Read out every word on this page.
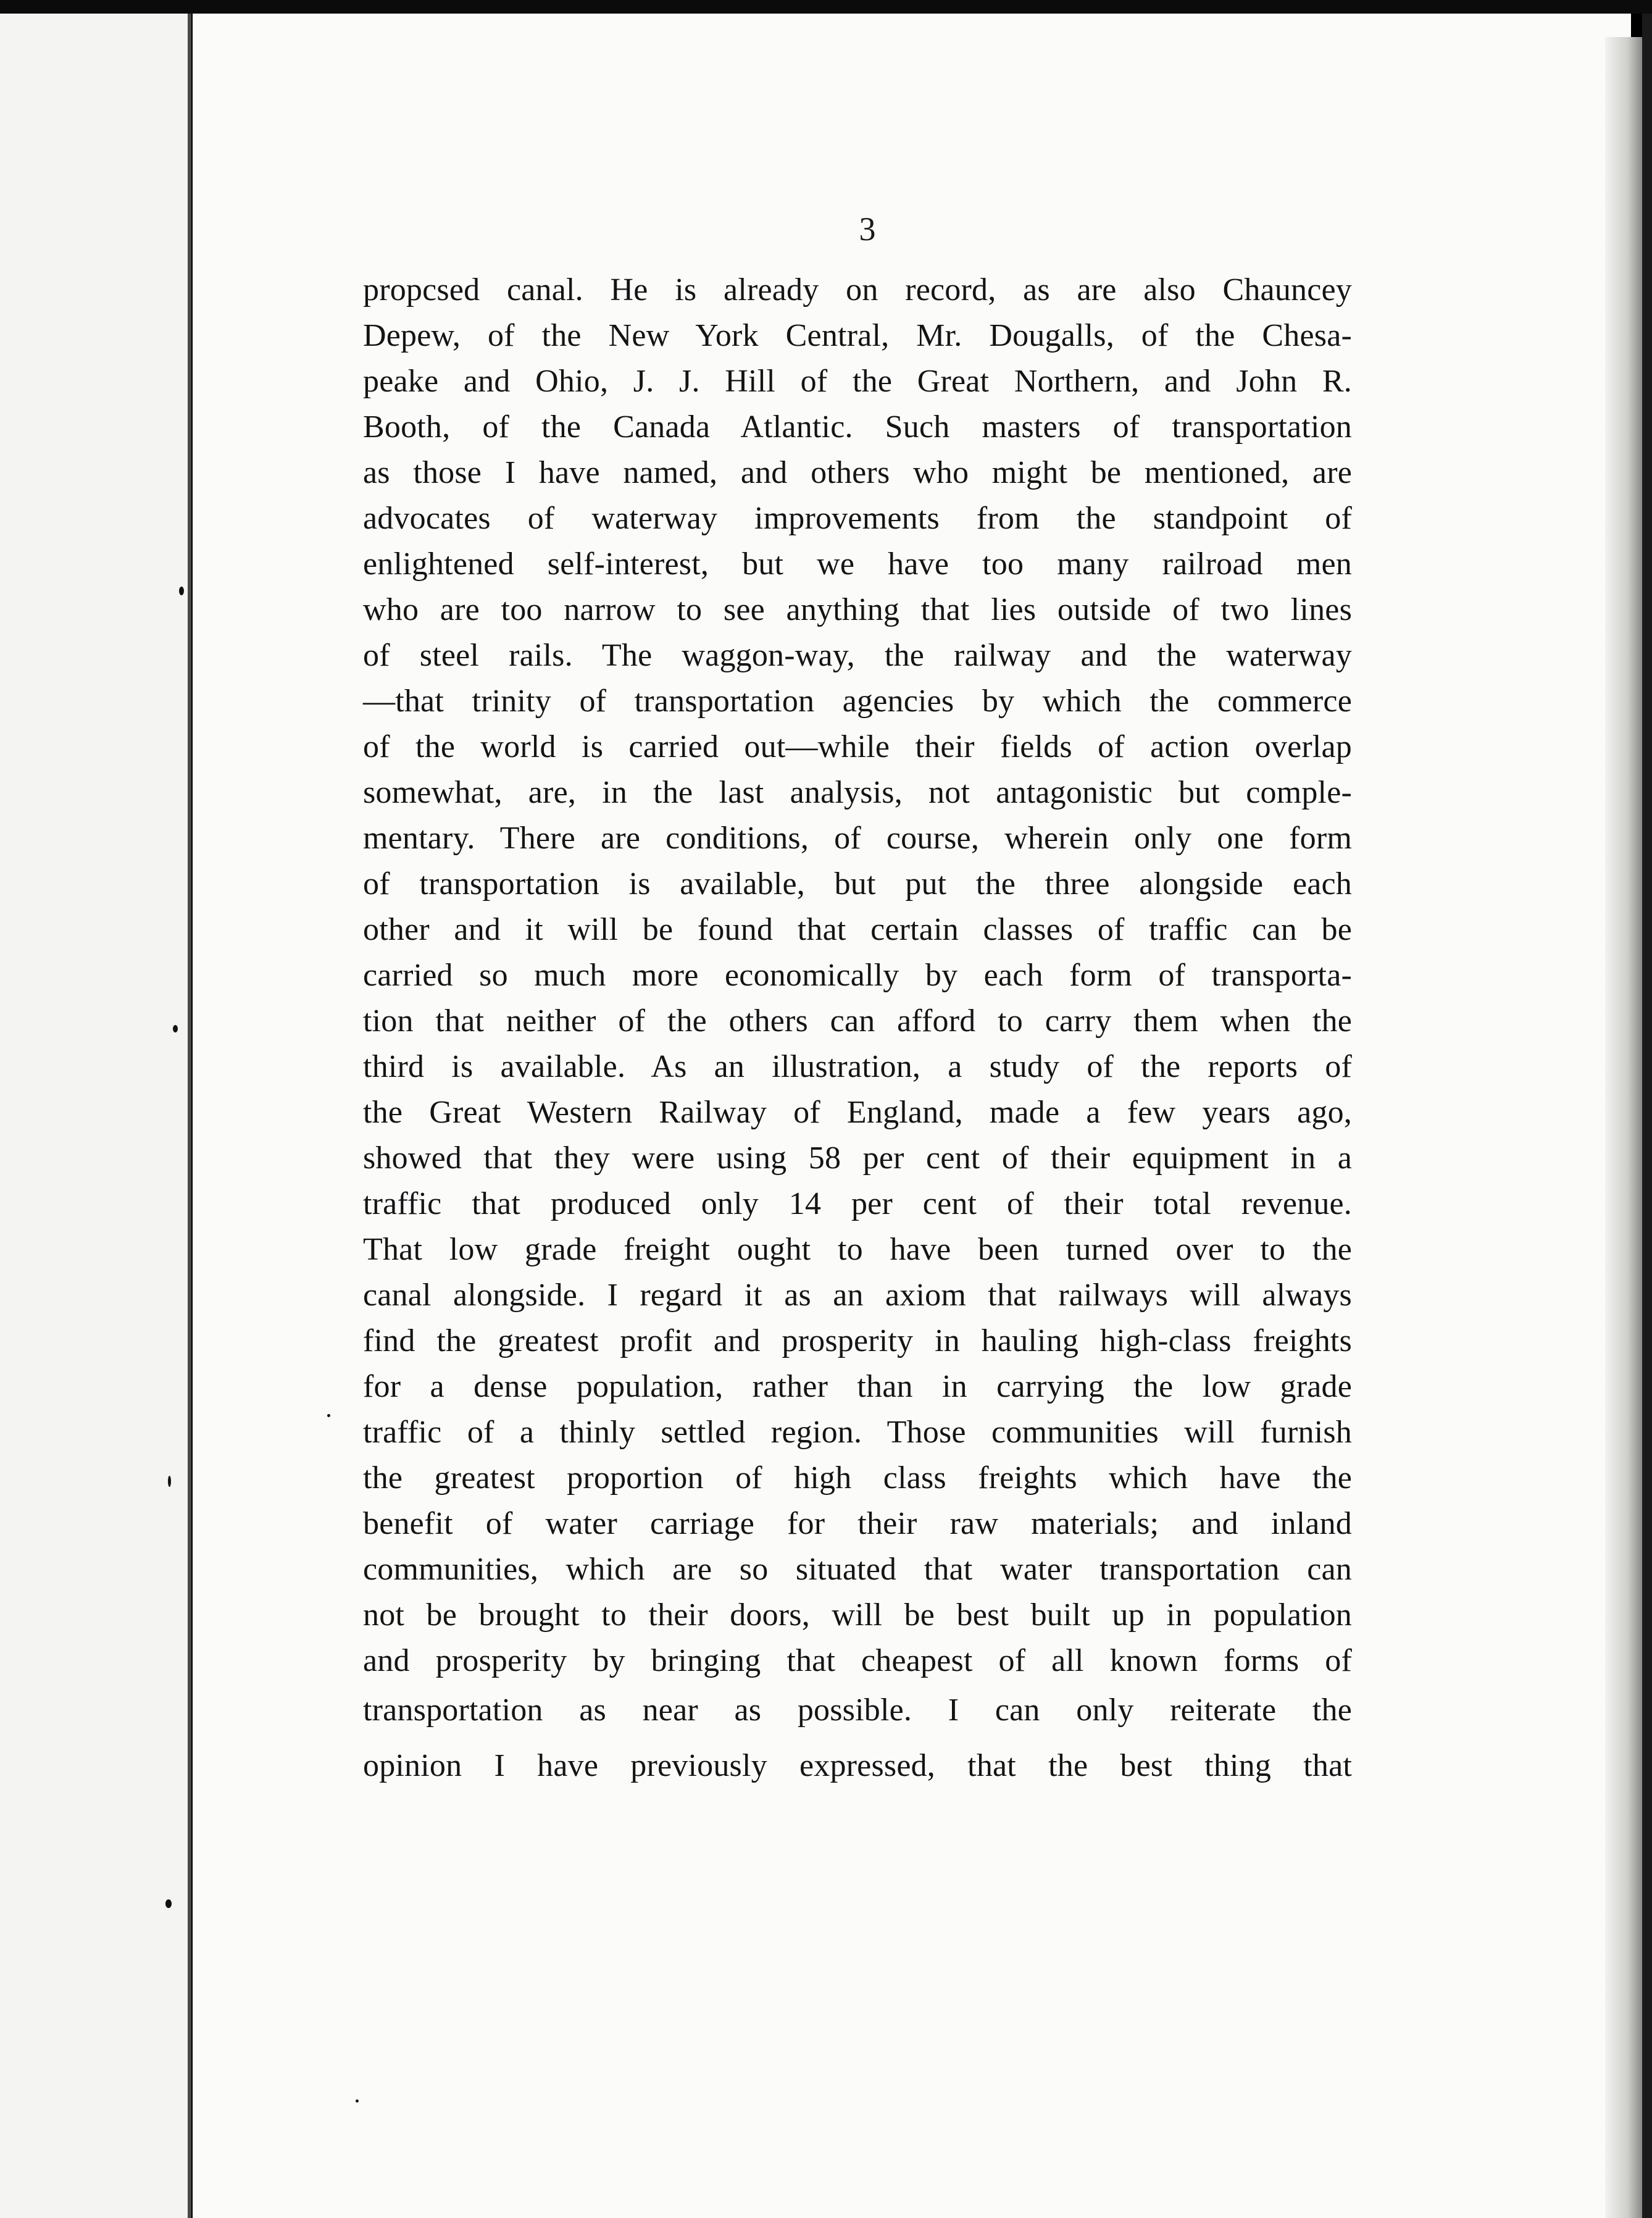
3
propcsed canal. He is already on record, as are also Chauncey
Depew, of the New York Central, Mr. Dougalls, of the Chesa-
peake and Ohio, J. J. Hill of the Great Northern, and John R.
Booth, of the Canada Atlantic. Such masters of transportation
as those I have named, and others who might be mentioned, are
advocates of waterway improvements from the standpoint of
enlightened self-interest, but we have too many railroad men
who are too narrow to see anything that lies outside of two lines
of steel rails. The waggon-way, the railway and the waterway
—that trinity of transportation agencies by which the commerce
of the world is carried out—while their fields of action overlap
somewhat, are, in the last analysis, not antagonistic but comple-
mentary. There are conditions, of course, wherein only one form
of transportation is available, but put the three alongside each
other and it will be found that certain classes of traffic can be
carried so much more economically by each form of transporta-
tion that neither of the others can afford to carry them when the
third is available. As an illustration, a study of the reports of
the Great Western Railway of England, made a few years ago,
showed that they were using 58 per cent of their equipment in a
traffic that produced only 14 per cent of their total revenue.
That low grade freight ought to have been turned over to the
canal alongside. I regard it as an axiom that railways will always
find the greatest profit and prosperity in hauling high-class freights
for a dense population, rather than in carrying the low grade
traffic of a thinly settled region. Those communities will furnish
the greatest proportion of high class freights which have the
benefit of water carriage for their raw materials; and inland
communities, which are so situated that water transportation can
not be brought to their doors, will be best built up in population
and prosperity by bringing that cheapest of all known forms of
transportation as near as possible. I can only reiterate the
opinion I have previously expressed, that the best thing that
